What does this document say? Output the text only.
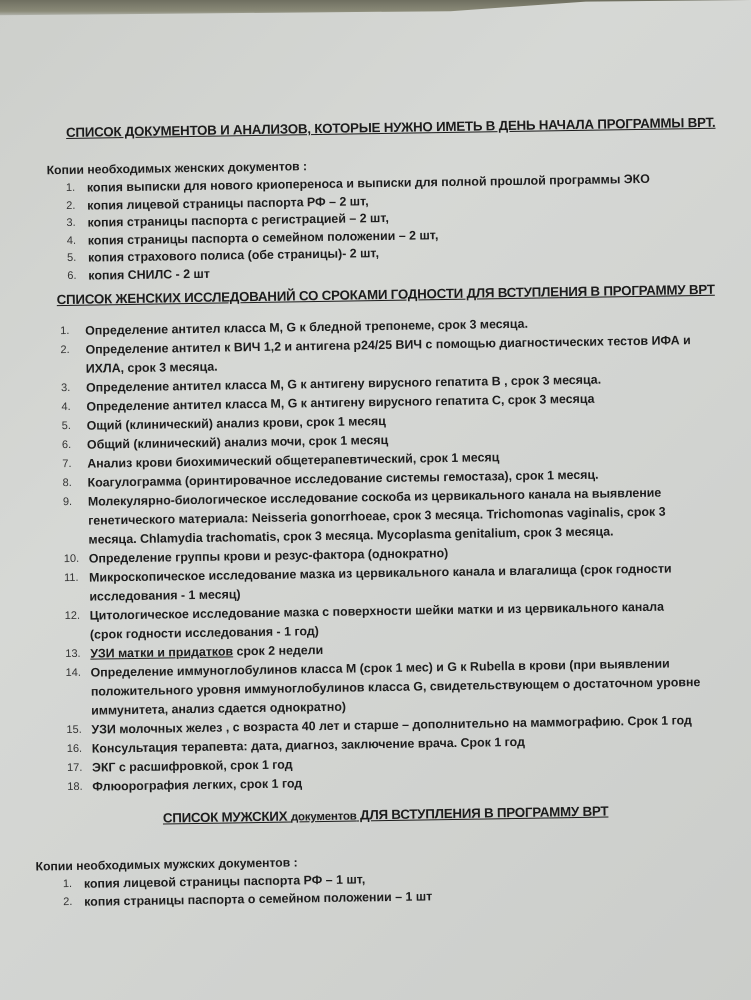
СПИСОК ДОКУМЕНТОВ И АНАЛИЗОВ, КОТОРЫЕ НУЖНО ИМЕТЬ В ДЕНЬ НАЧАЛА ПРОГРАММЫ ВРТ.
Копии необходимых женских документов :
1. копия выписки для нового криопереноса и выписки для полной прошлой программы ЭКО
2. копия лицевой страницы паспорта РФ – 2 шт,
3. копия страницы паспорта с регистрацией – 2 шт,
4. копия страницы паспорта о семейном положении – 2 шт,
5. копия страхового полиса (обе страницы)- 2 шт,
6. копия СНИЛС - 2 шт
СПИСОК ЖЕНСКИХ ИССЛЕДОВАНИЙ СО СРОКАМИ ГОДНОСТИ ДЛЯ ВСТУПЛЕНИЯ В ПРОГРАММУ ВРТ
1. Определение антител класса M, G к бледной трепонеме, срок 3 месяца.
2. Определение антител к ВИЧ 1,2 и антигена р24/25 ВИЧ с помощью диагностических тестов ИФА и ИХЛА, срок 3 месяца.
3. Определение антител класса M, G к антигену вирусного гепатита B , срок 3 месяца.
4. Определение антител класса M, G к антигену вирусного гепатита С, срок 3 месяца
5. Ощий (клинический) анализ крови, срок 1 месяц
6. Общий (клинический) анализ мочи, срок 1 месяц
7. Анализ крови биохимический общетерапевтический, срок 1 месяц
8. Коагулограмма (оринтировачное исследование системы гемостаза), срок 1 месяц.
9. Молекулярно-биологическое исследование соскоба из цервикального канала на выявление генетического материала: Neisseria gonorrhoeae, срок 3 месяца. Trichomonas vaginalis, срок 3 месяца. Chlamydia trachomatis, срок 3 месяца. Mycoplasma genitalium, срок 3 месяца.
10. Определение группы крови и резус-фактора (однократно)
11. Микроскопическое исследование мазка из цервикального канала и влагалища (срок годности исследования - 1 месяц)
12. Цитологическое исследование мазка с поверхности шейки матки и из цервикального канала (срок годности исследования - 1 год)
13. УЗИ матки и придатков срок 2 недели
14. Определение иммуноглобулинов класса M (срок 1 мес) и G к Rubella в крови (при выявлении положительного уровня иммуноглобулинов класса G, свидетельствующем о достаточном уровне иммунитета, анализ сдается однократно)
15. УЗИ молочных желез , с возраста 40 лет и старше – дополнительно на маммографию. Срок 1 год
16. Консультация терапевта: дата, диагноз, заключение врача. Срок 1 год
17. ЭКГ с расшифровкой, срок 1 год
18. Флюорография легких, срок 1 год
СПИСОК МУЖСКИХ документов ДЛЯ ВСТУПЛЕНИЯ В ПРОГРАММУ ВРТ
Копии необходимых мужских документов :
1. копия лицевой страницы паспорта РФ – 1 шт,
2. копия страницы паспорта о семейном положении – 1 шт
